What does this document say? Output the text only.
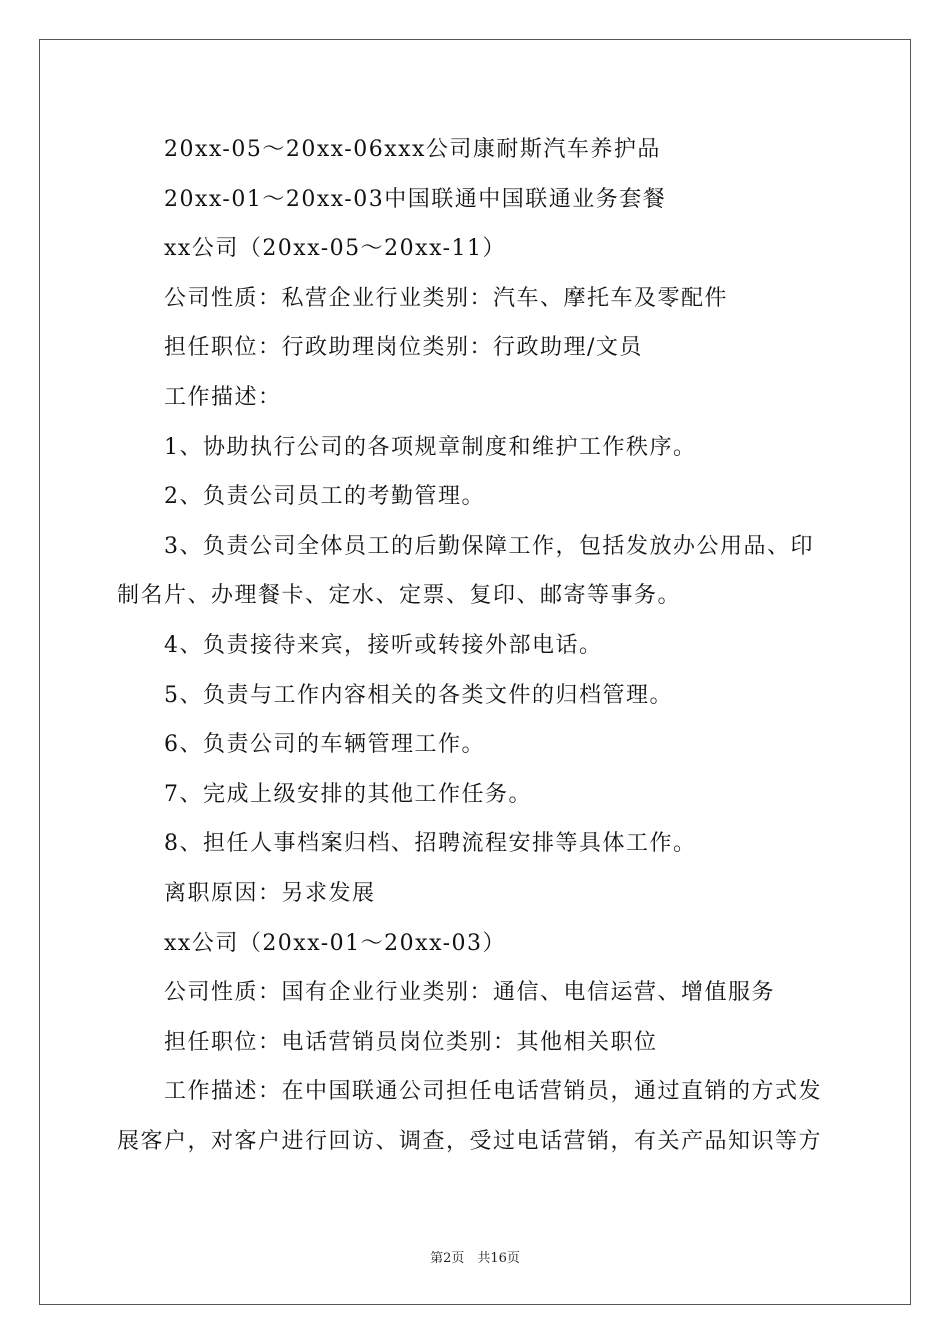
20xx-05～20xx-06xxx公司康耐斯汽车养护品
20xx-01～20xx-03中国联通中国联通业务套餐
xx公司（20xx-05～20xx-11）
公司性质：私营企业行业类别：汽车、摩托车及零配件
担任职位：行政助理岗位类别：行政助理/文员
工作描述：
1、协助执行公司的各项规章制度和维护工作秩序。
2、负责公司员工的考勤管理。
3、负责公司全体员工的后勤保障工作，包括发放办公用品、印
制名片、办理餐卡、定水、定票、复印、邮寄等事务。
4、负责接待来宾，接听或转接外部电话。
5、负责与工作内容相关的各类文件的归档管理。
6、负责公司的车辆管理工作。
7、完成上级安排的其他工作任务。
8、担任人事档案归档、招聘流程安排等具体工作。
离职原因：另求发展
xx公司（20xx-01～20xx-03）
公司性质：国有企业行业类别：通信、电信运营、增值服务
担任职位：电话营销员岗位类别：其他相关职位
工作描述：在中国联通公司担任电话营销员，通过直销的方式发
展客户，对客户进行回访、调查，受过电话营销，有关产品知识等方
第2页　共16页
